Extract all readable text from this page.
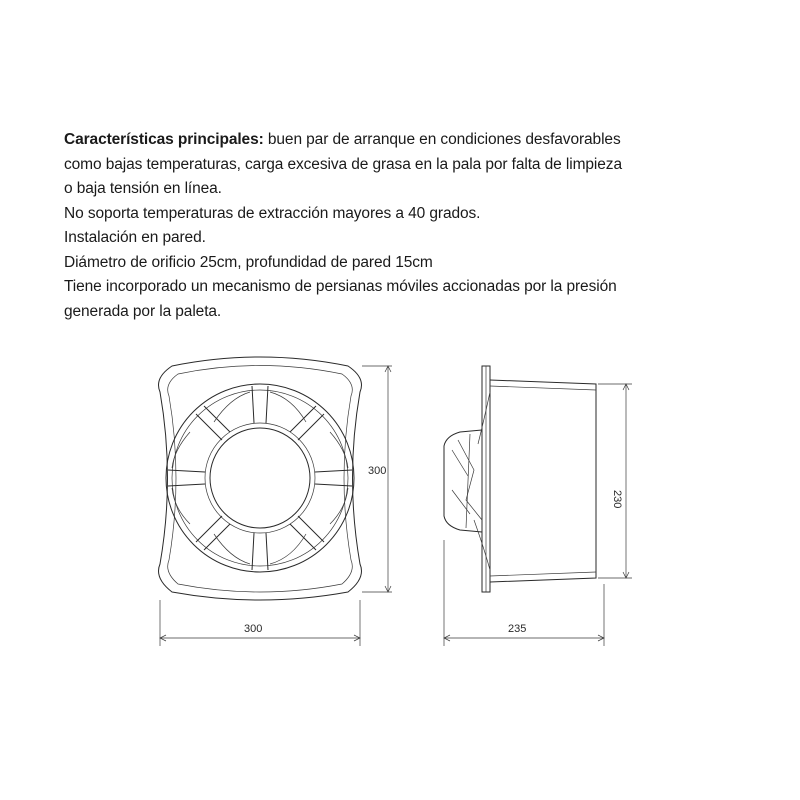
Características principales: buen par de arranque en condiciones desfavorables
como bajas temperaturas, carga excesiva de grasa en la pala por falta de limpieza
o baja tensión en línea.
No soporta temperaturas de extracción mayores a 40 grados.
Instalación en pared.
Diámetro de orificio 25cm, profundidad de pared 15cm
Tiene incorporado un mecanismo de persianas móviles accionadas por la presión
generada por la paleta.
300
300
235
230
